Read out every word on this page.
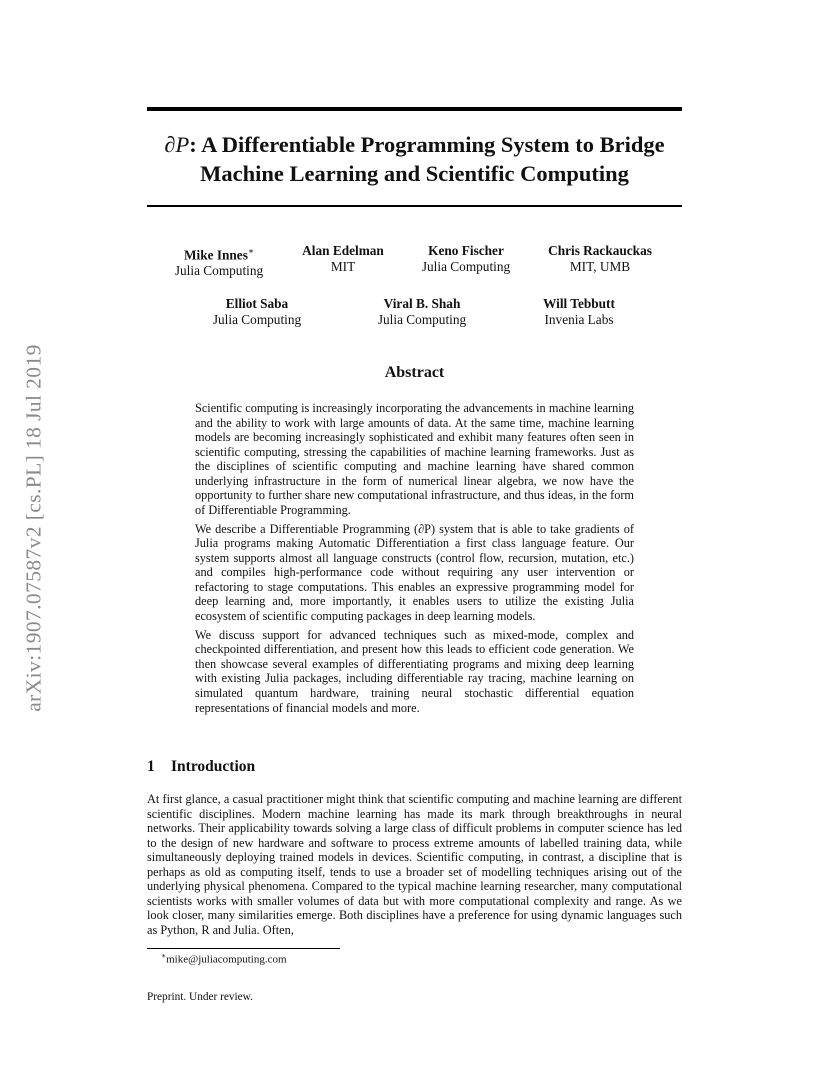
arXiv:1907.07587v2 [cs.PL] 18 Jul 2019
∂P: A Differentiable Programming System to Bridge
Machine Learning and Scientific Computing
Mike Innes∗
Julia Computing
Alan Edelman
MIT
Keno Fischer
Julia Computing
Chris Rackauckas
MIT, UMB
Elliot Saba
Julia Computing
Viral B. Shah
Julia Computing
Will Tebbutt
Invenia Labs
Abstract

Scientific computing is increasingly incorporating the advancements in machine learning and the ability to work with large amounts of data. At the same time, machine learning models are becoming increasingly sophisticated and exhibit many features often seen in scientific computing, stressing the capabilities of machine learning frameworks. Just as the disciplines of scientific computing and machine learning have shared common underlying infrastructure in the form of numerical linear algebra, we now have the opportunity to further share new computational infrastructure, and thus ideas, in the form of Differentiable Programming.

We describe a Differentiable Programming (∂P) system that is able to take gradients of Julia programs making Automatic Differentiation a first class language feature. Our system supports almost all language constructs (control flow, recursion, mutation, etc.) and compiles high-performance code without requiring any user intervention or refactoring to stage computations. This enables an expressive programming model for deep learning and, more importantly, it enables users to utilize the existing Julia ecosystem of scientific computing packages in deep learning models.

We discuss support for advanced techniques such as mixed-mode, complex and checkpointed differentiation, and present how this leads to efficient code generation. We then showcase several examples of differentiating programs and mixing deep learning with existing Julia packages, including differentiable ray tracing, machine learning on simulated quantum hardware, training neural stochastic differential equation representations of financial models and more.

1 Introduction

At first glance, a casual practitioner might think that scientific computing and machine learning are different scientific disciplines. Modern machine learning has made its mark through breakthroughs in neural networks. Their applicability towards solving a large class of difficult problems in computer science has led to the design of new hardware and software to process extreme amounts of labelled training data, while simultaneously deploying trained models in devices. Scientific computing, in contrast, a discipline that is perhaps as old as computing itself, tends to use a broader set of modelling techniques arising out of the underlying physical phenomena. Compared to the typical machine learning researcher, many computational scientists works with smaller volumes of data but with more computational complexity and range. As we look closer, many similarities emerge. Both disciplines have a preference for using dynamic languages such as Python, R and Julia. Often,

∗mike@juliacomputing.com
Preprint. Under review.
